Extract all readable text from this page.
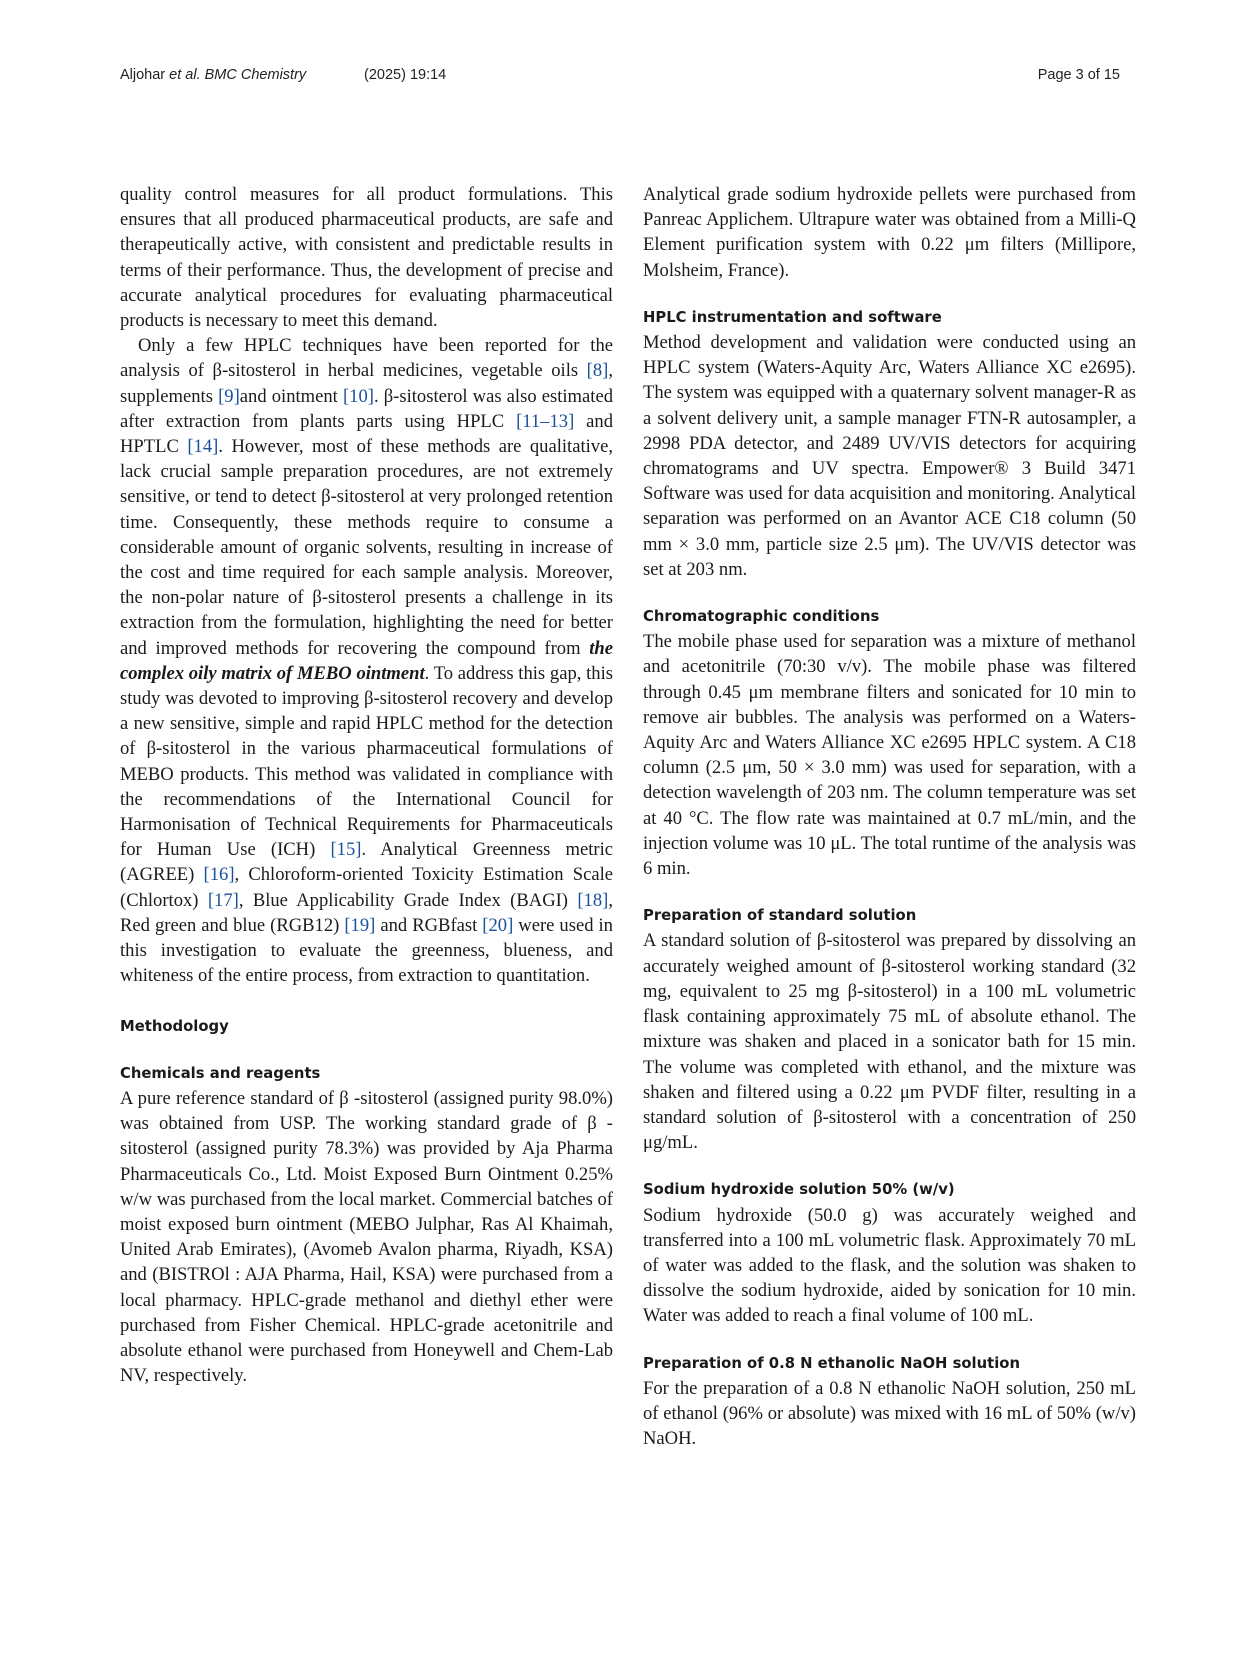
Aljohar et al. BMC Chemistry	(2025) 19:14	Page 3 of 15

quality control measures for all product formulations. This ensures that all produced pharmaceutical products, are safe and therapeutically active, with consistent and predictable results in terms of their performance. Thus, the development of precise and accurate analytical procedures for evaluating pharmaceutical products is necessary to meet this demand.

Only a few HPLC techniques have been reported for the analysis of β-sitosterol in herbal medicines, vegetable oils [8], supplements [9]and ointment [10]. β-sitosterol was also estimated after extraction from plants parts using HPLC [11–13] and HPTLC [14]. However, most of these methods are qualitative, lack crucial sample preparation procedures, are not extremely sensitive, or tend to detect β-sitosterol at very prolonged retention time. Consequently, these methods require to consume a considerable amount of organic solvents, resulting in increase of the cost and time required for each sample analysis. Moreover, the non-polar nature of β-sitosterol presents a challenge in its extraction from the formulation, highlighting the need for better and improved methods for recovering the compound from the complex oily matrix of MEBO ointment. To address this gap, this study was devoted to improving β-sitosterol recovery and develop a new sensitive, simple and rapid HPLC method for the detection of β-sitosterol in the various pharmaceutical formulations of MEBO products. This method was validated in compliance with the recommendations of the International Council for Harmonisation of Technical Requirements for Pharmaceuticals for Human Use (ICH) [15]. Analytical Greenness metric (AGREE) [16], Chloroform-oriented Toxicity Estimation Scale (Chlortox) [17], Blue Applicability Grade Index (BAGI) [18], Red green and blue (RGB12) [19] and RGBfast [20] were used in this investigation to evaluate the greenness, blueness, and whiteness of the entire process, from extraction to quantitation.

Methodology
Chemicals and reagents

A pure reference standard of β -sitosterol (assigned purity 98.0%) was obtained from USP. The working standard grade of β -sitosterol (assigned purity 78.3%) was provided by Aja Pharma Pharmaceuticals Co., Ltd. Moist Exposed Burn Ointment 0.25% w/w was purchased from the local market. Commercial batches of moist exposed burn ointment (MEBO Julphar, Ras Al Khaimah, United Arab Emirates), (Avomeb Avalon pharma, Riyadh, KSA) and (BISTROl : AJA Pharma, Hail, KSA) were purchased from a local pharmacy. HPLC-grade methanol and diethyl ether were purchased from Fisher Chemical. HPLC-grade acetonitrile and absolute ethanol were purchased from Honeywell and Chem-Lab NV, respectively.

Analytical grade sodium hydroxide pellets were purchased from Panreac Applichem. Ultrapure water was obtained from a Milli-Q Element purification system with 0.22 μm filters (Millipore, Molsheim, France).

HPLC instrumentation and software

Method development and validation were conducted using an HPLC system (Waters-Aquity Arc, Waters Alliance XC e2695). The system was equipped with a quaternary solvent manager-R as a solvent delivery unit, a sample manager FTN-R autosampler, a 2998 PDA detector, and 2489 UV/VIS detectors for acquiring chromatograms and UV spectra. Empower® 3 Build 3471 Software was used for data acquisition and monitoring. Analytical separation was performed on an Avantor ACE C18 column (50 mm × 3.0 mm, particle size 2.5 μm). The UV/VIS detector was set at 203 nm.

Chromatographic conditions

The mobile phase used for separation was a mixture of methanol and acetonitrile (70:30 v/v). The mobile phase was filtered through 0.45 μm membrane filters and sonicated for 10 min to remove air bubbles. The analysis was performed on a Waters-Aquity Arc and Waters Alliance XC e2695 HPLC system. A C18 column (2.5 μm, 50 × 3.0 mm) was used for separation, with a detection wavelength of 203 nm. The column temperature was set at 40 °C. The flow rate was maintained at 0.7 mL/min, and the injection volume was 10 μL. The total runtime of the analysis was 6 min.

Preparation of standard solution

A standard solution of β-sitosterol was prepared by dissolving an accurately weighed amount of β-sitosterol working standard (32 mg, equivalent to 25 mg β-sitosterol) in a 100 mL volumetric flask containing approximately 75 mL of absolute ethanol. The mixture was shaken and placed in a sonicator bath for 15 min. The volume was completed with ethanol, and the mixture was shaken and filtered using a 0.22 μm PVDF filter, resulting in a standard solution of β-sitosterol with a concentration of 250 μg/mL.

Sodium hydroxide solution 50% (w/v)

Sodium hydroxide (50.0 g) was accurately weighed and transferred into a 100 mL volumetric flask. Approximately 70 mL of water was added to the flask, and the solution was shaken to dissolve the sodium hydroxide, aided by sonication for 10 min. Water was added to reach a final volume of 100 mL.

Preparation of 0.8 N ethanolic NaOH solution

For the preparation of a 0.8 N ethanolic NaOH solution, 250 mL of ethanol (96% or absolute) was mixed with 16 mL of 50% (w/v) NaOH.
